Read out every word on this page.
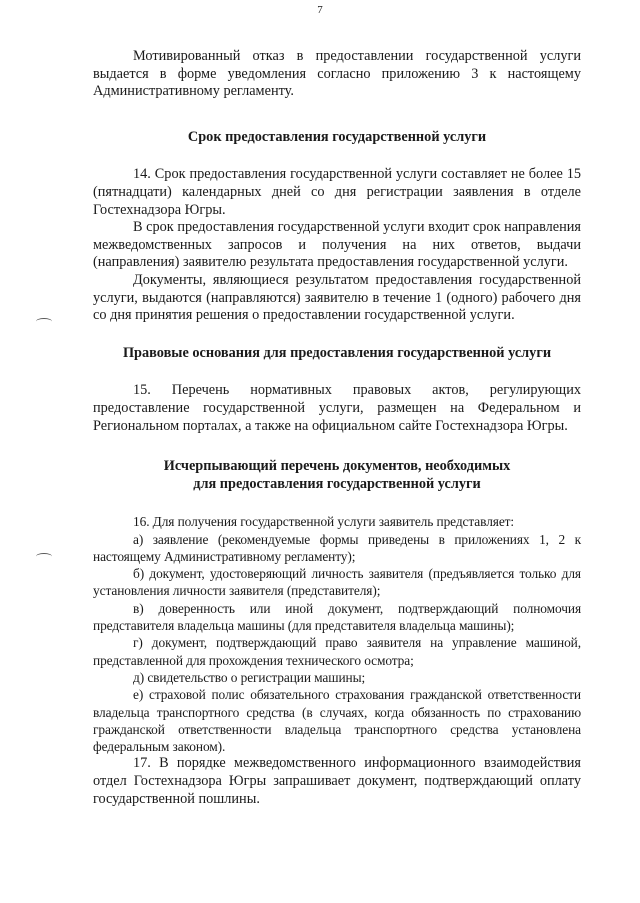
7

Мотивированный отказ в предоставлении государственной услуги выдается в форме уведомления согласно приложению 3 к настоящему Административному регламенту.

Срок предоставления государственной услуги

14. Срок предоставления государственной услуги составляет не более 15 (пятнадцати) календарных дней со дня регистрации заявления в отделе Гостехнадзора Югры.

В срок предоставления государственной услуги входит срок направления межведомственных запросов и получения на них ответов, выдачи (направления) заявителю результата предоставления государственной услуги.

Документы, являющиеся результатом предоставления государственной услуги, выдаются (направляются) заявителю в течение 1 (одного) рабочего дня со дня принятия решения о предоставлении государственной услуги.

Правовые основания для предоставления государственной услуги

15. Перечень нормативных правовых актов, регулирующих предоставление государственной услуги, размещен на Федеральном и Региональном порталах, а также на официальном сайте Гостехнадзора Югры.

Исчерпывающий перечень документов, необходимых

для предоставления государственной услуги

16. Для получения государственной услуги заявитель представляет:

а) заявление (рекомендуемые формы приведены в приложениях 1, 2 к настоящему Административному регламенту);

б) документ, удостоверяющий личность заявителя (предъявляется только для установления личности заявителя (представителя);

в) доверенность или иной документ, подтверждающий полномочия представителя владельца машины (для представителя владельца машины);

г) документ, подтверждающий право заявителя на управление машиной, представленной для прохождения технического осмотра;

д) свидетельство о регистрации машины;

е) страховой полис обязательного страхования гражданской ответственности владельца транспортного средства (в случаях, когда обязанность по страхованию гражданской ответственности владельца транспортного средства установлена федеральным законом).

17. В порядке межведомственного информационного взаимодействия отдел Гостехнадзора Югры запрашивает документ, подтверждающий оплату государственной пошлины.
